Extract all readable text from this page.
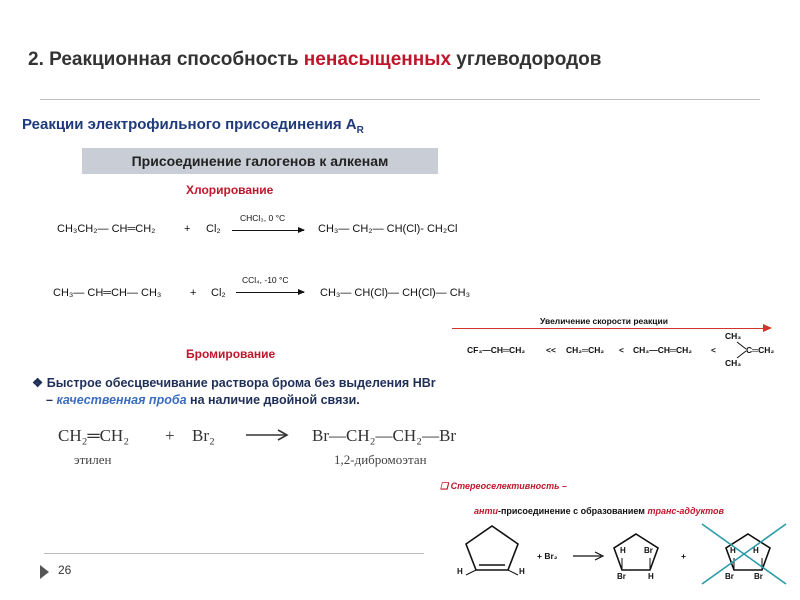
2. Реакционная способность ненасыщенных углеводородов
Реакции электрофильного присоединения $A_R$
Присоединение галогенов к алкенам
Хлорирование
CH₃CH₂— CH═CH₂	+ Cl₂
CHCl₃, 0 °C
CH₃— CH₂— CH(Cl)- CH₂Cl
CH₃— CH═CH— CH₃	+ Cl₂
CCl₄, -10 °C
CH₃— CH(Cl)— CH(Cl)— CH₃
Увеличение скорости реакции
CF₃—CH═CH₂ << CH₂═CH₂ < CH₃—CH═CH₂ <
CH₃
CH₃
C═CH₂
Бромирование
❖ Быстрое обесцвечивание раствора брома без выделения HBr
– качественная проба на наличие двойной связи.
CH₂═CH₂ + Br₂	Br—CH₂—CH₂—Br
этилен	1,2-дибромоэтан
❑ Стереоселективность –
анти-присоединение с образованием транс-аддуктов
H	H
+ Br₂
H Br
Br	H
+
H H
Br	Br
26
